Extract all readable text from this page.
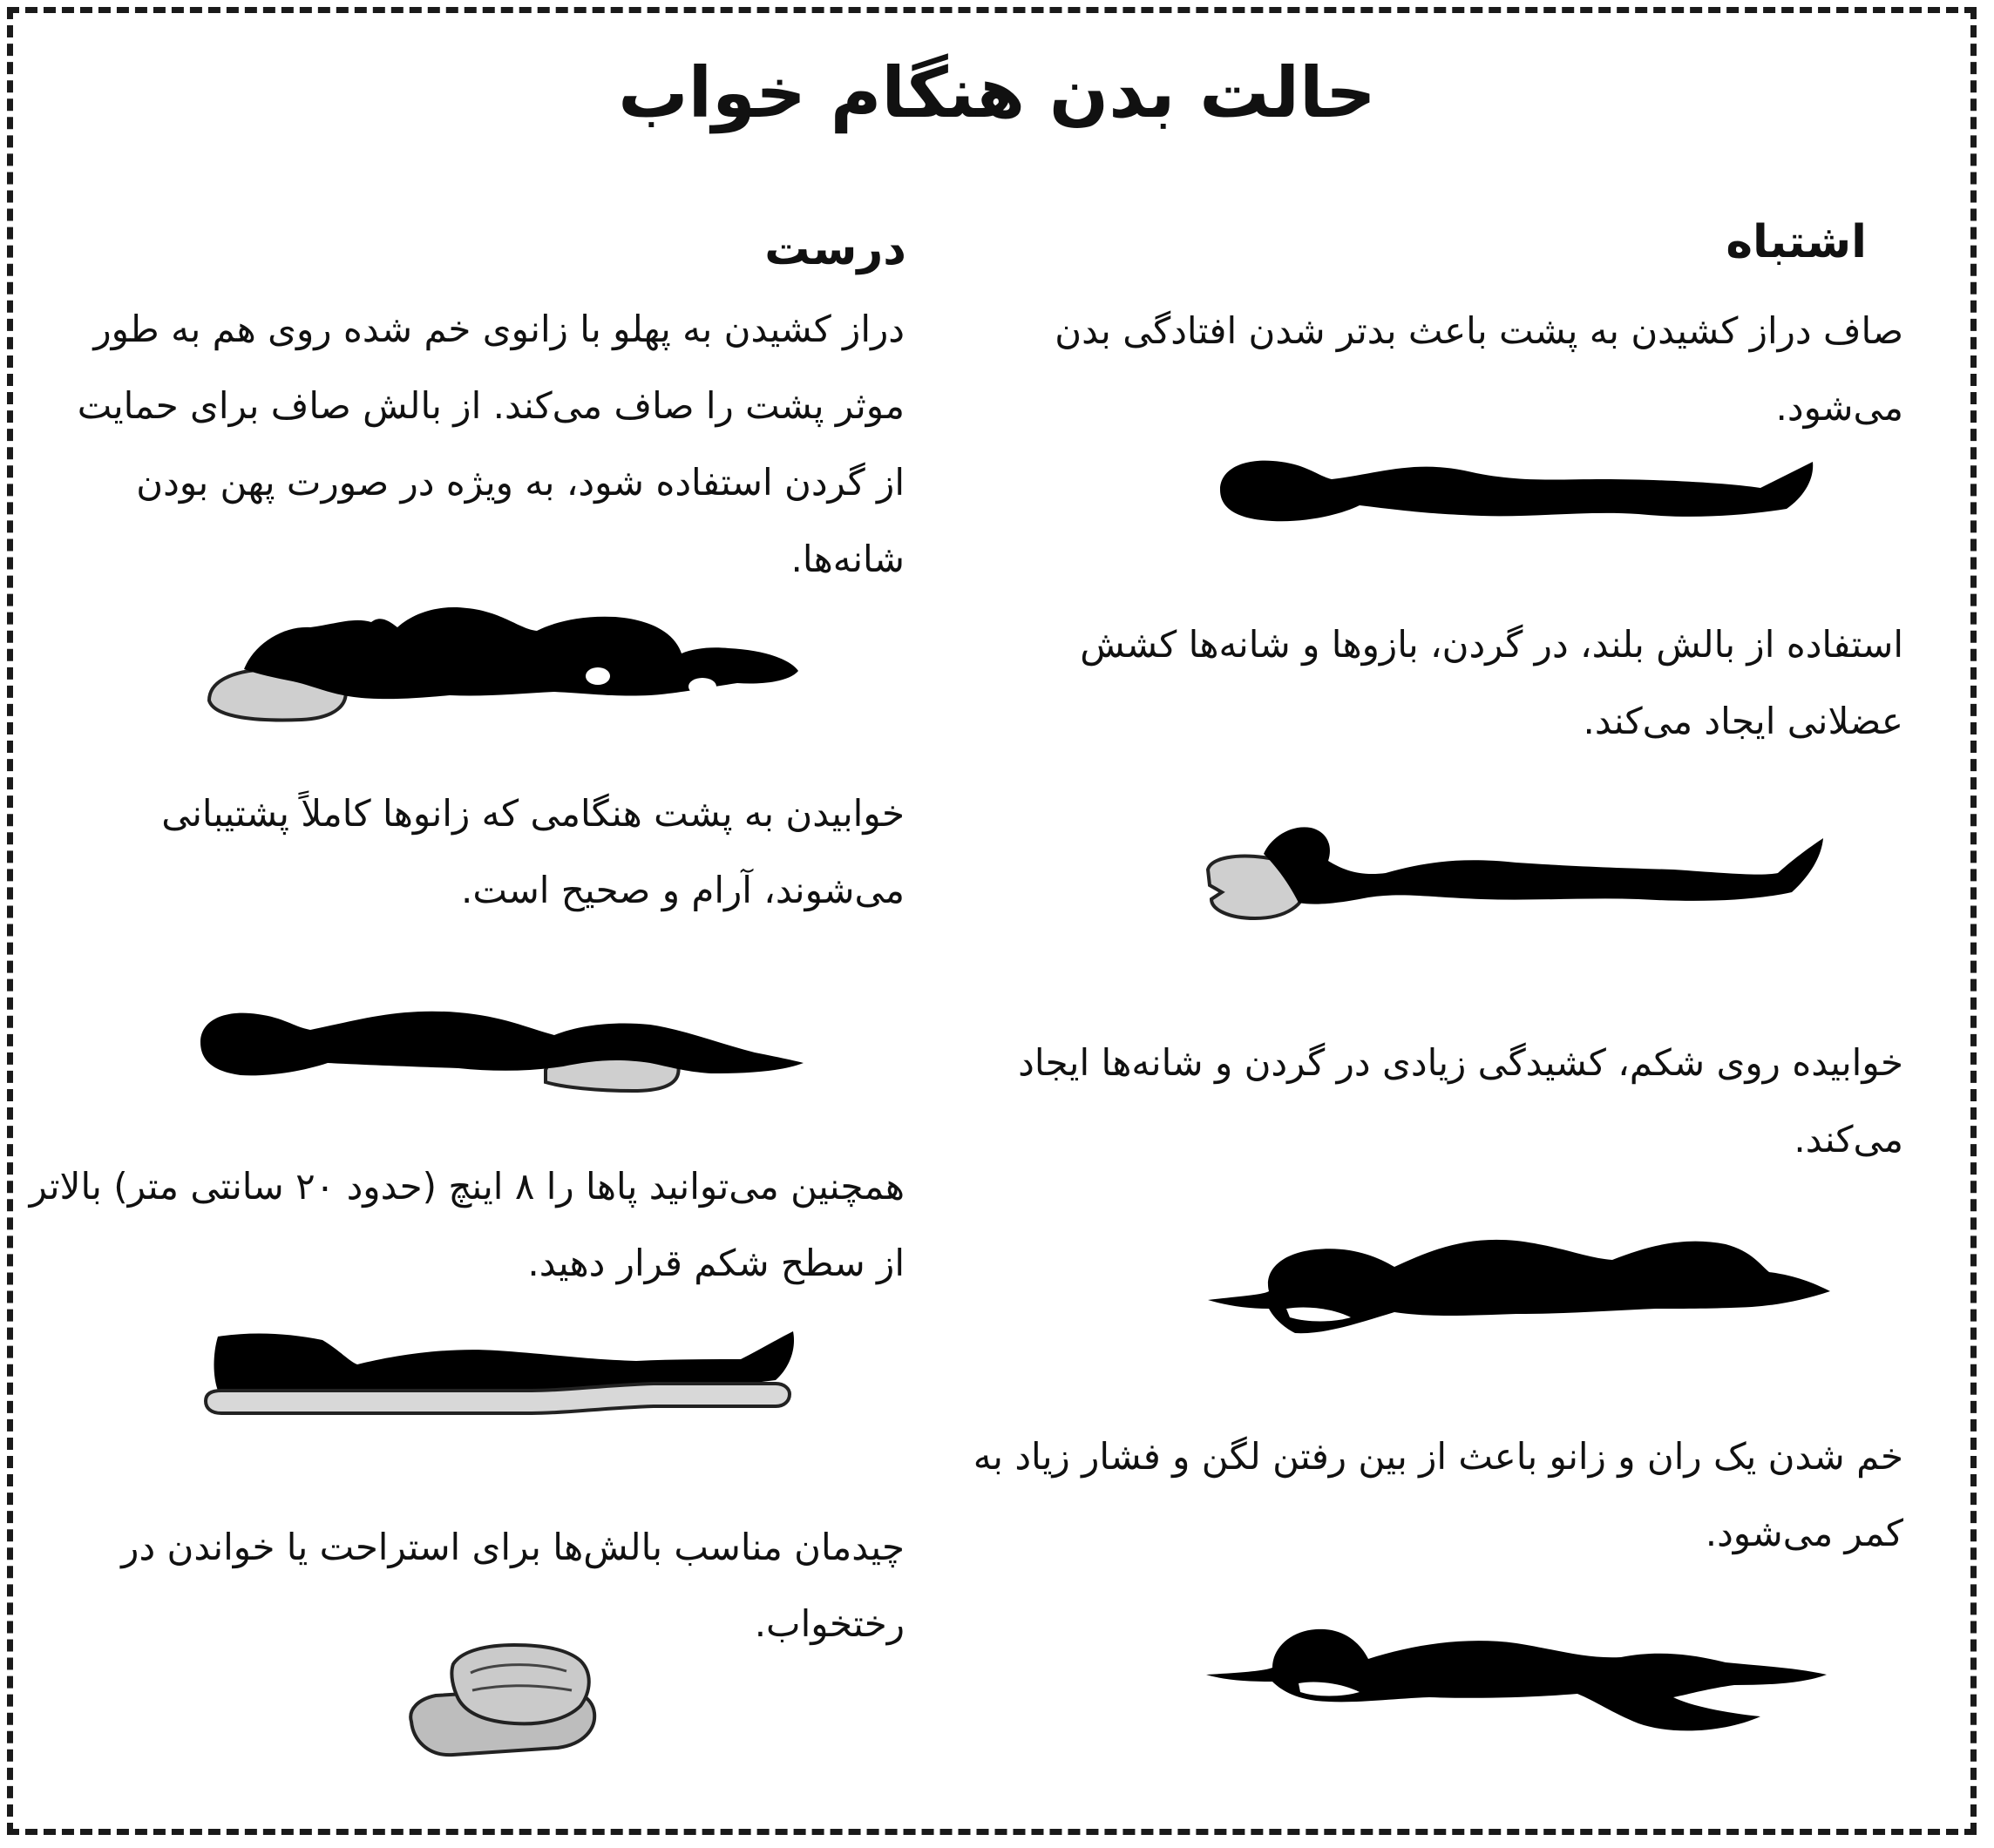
حالت بدن هنگام خواب
اشتباه
صاف دراز کشیدن به پشت باعث بدتر شدن افتادگی بدن می‌شود.
استفاده از بالش بلند، در گردن، بازوها و شانه‌ها کشش عضلانی ایجاد می‌کند.
خوابیده روی شکم، کشیدگی زیادی در گردن و شانه‌ها ایجاد می‌کند.
خم شدن یک ران و زانو باعث از بین رفتن لگن و فشار زیاد به کمر می‌شود.
درست
دراز کشیدن به پهلو با زانوی خم شده روی هم به طور موثر پشت را صاف می‌کند. از بالش صاف برای حمایت از گردن استفاده شود، به ویژه در صورت پهن بودن شانه‌ها.
خوابیدن به پشت هنگامی که زانوها کاملاً پشتیبانی می‌شوند، آرام و صحیح است.
همچنین می‌توانید پاها را ۸ اینچ (حدود ۲۰ سانتی متر) بالاتر از سطح شکم قرار دهید.
چیدمان مناسب بالش‌ها برای استراحت یا خواندن در رختخواب.
